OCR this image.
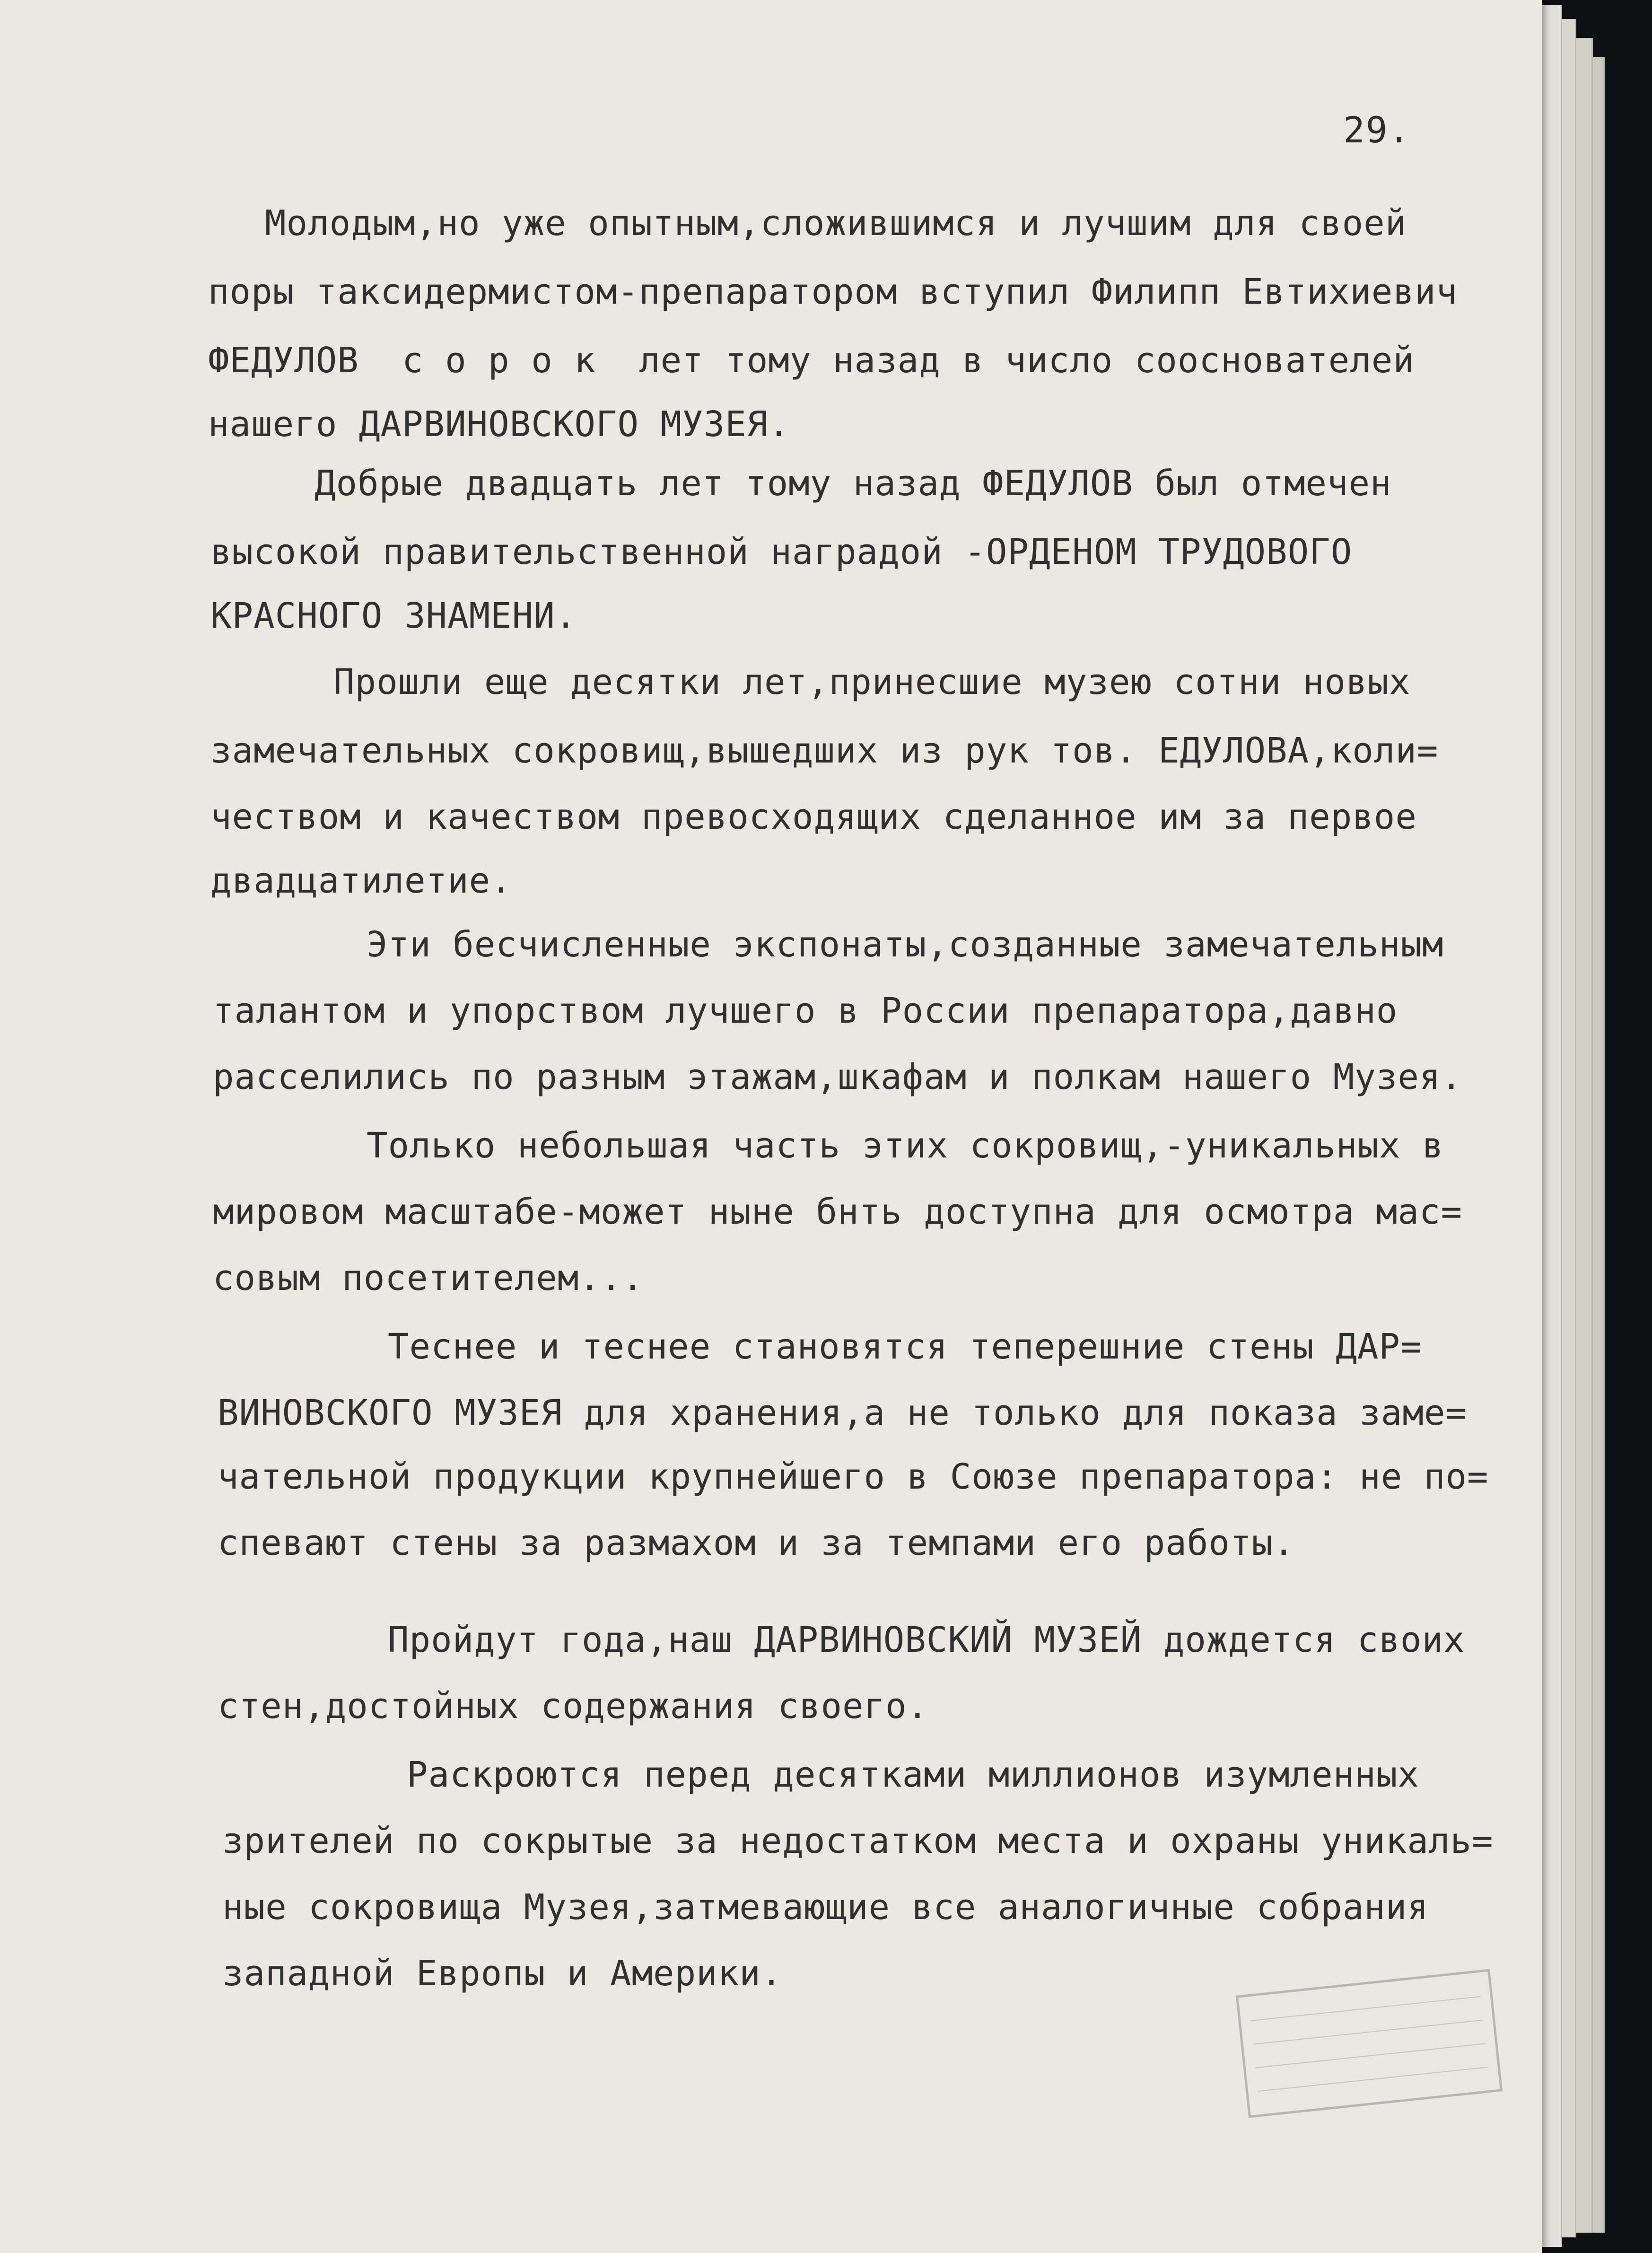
29.
Молодым,но уже опытным,сложившимся и лучшим для своей
поры таксидермистом-препаратором вступил Филипп Евтихиевич
ФЕДУЛОВ  с о р о к  лет тому назад в число сооснователей
нашего ДАРВИНОВСКОГО МУЗЕЯ.
Добрые двадцать лет тому назад ФЕДУЛОВ был отмечен
высокой правительственной наградой -ОРДЕНОМ ТРУДОВОГО
КРАСНОГО ЗНАМЕНИ.
Прошли еще десятки лет,принесшие музею сотни новых
замечательных сокровищ,вышедших из рук тов. ЕДУЛОВА,коли=
чеством и качеством превосходящих сделанное им за первое
двадцатилетие.
Эти бесчисленные экспонаты,созданные замечательным
талантом и упорством лучшего в России препаратора,давно
расселились по разным этажам,шкафам и полкам нашего Музея.
Только небольшая часть этих сокровищ,-уникальных в
мировом масштабе-может ныне бнть доступна для осмотра мас=
совым посетителем...
Теснее и теснее становятся теперешние стены ДАР=
ВИНОВСКОГО МУЗЕЯ для хранения,а не только для показа заме=
чательной продукции крупнейшего в Союзе препаратора: не по=
спевают стены за размахом и за темпами его работы.
Пройдут года,наш ДАРВИНОВСКИЙ МУЗЕЙ дождется своих
стен,достойных содержания своего.
Раскроются перед десятками миллионов изумленных
зрителей по сокрытые за недостатком места и охраны уникаль=
ные сокровища Музея,затмевающие все аналогичные собрания
западной Европы и Америки.
